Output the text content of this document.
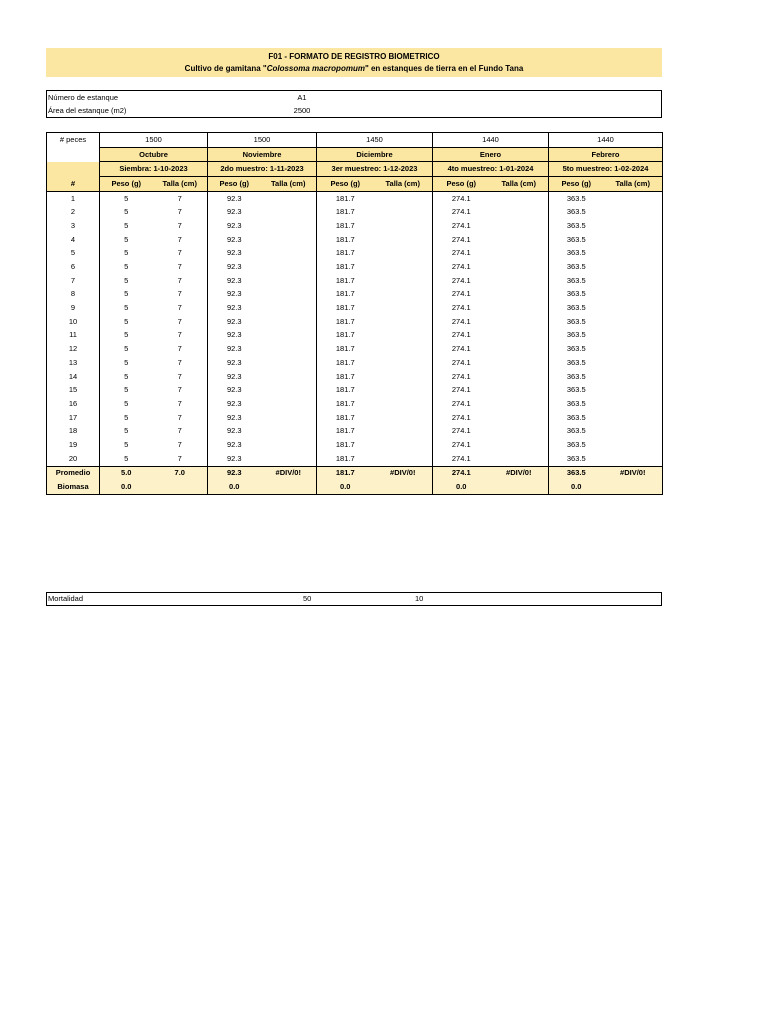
F01 - FORMATO DE REGISTRO BIOMETRICO
Cultivo de gamitana "Colossoma macropomum" en estanques de tierra en el Fundo Tana
Número de estanque	A1
Área del estanque (m2)	2500
# peces	1500		1500		1450		1440		1440	
	Octubre		Noviembre		Diciembre		Enero		Febrero	
	Siembra: 1-10-2023		2do muestro: 1-11-2023		3er muestreo: 1-12-2023		4to muestreo: 1-01-2024		5to muestreo: 1-02-2024	
#	Peso (g)	Talla (cm)	Peso (g)	Talla (cm)	Peso (g)	Talla (cm)	Peso (g)	Talla (cm)	Peso (g)	Talla (cm)
1	5	7	92.3		181.7		274.1		363.5	
2	5	7	92.3		181.7		274.1		363.5	
3	5	7	92.3		181.7		274.1		363.5	
4	5	7	92.3		181.7		274.1		363.5	
5	5	7	92.3		181.7		274.1		363.5	
6	5	7	92.3		181.7		274.1		363.5	
7	5	7	92.3		181.7		274.1		363.5	
8	5	7	92.3		181.7		274.1		363.5	
9	5	7	92.3		181.7		274.1		363.5	
10	5	7	92.3		181.7		274.1		363.5	
11	5	7	92.3		181.7		274.1		363.5	
12	5	7	92.3		181.7		274.1		363.5	
13	5	7	92.3		181.7		274.1		363.5	
14	5	7	92.3		181.7		274.1		363.5	
15	5	7	92.3		181.7		274.1		363.5	
16	5	7	92.3		181.7		274.1		363.5	
17	5	7	92.3		181.7		274.1		363.5	
18	5	7	92.3		181.7		274.1		363.5	
19	5	7	92.3		181.7		274.1		363.5	
20	5	7	92.3		181.7		274.1		363.5	
Promedio	5.0	7.0	92.3	#DIV/0!	181.7	#DIV/0!	274.1	#DIV/0!	363.5	#DIV/0!
Biomasa	0.0		0.0		0.0		0.0		0.0	
Mortalidad	50	10
